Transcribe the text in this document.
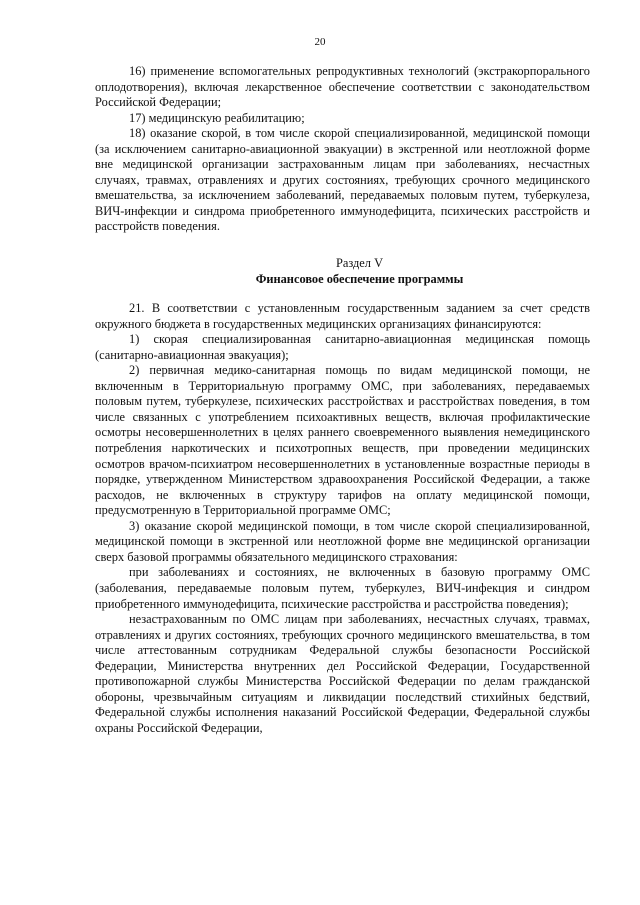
20

16) применение вспомогательных репродуктивных технологий (экстракорпорального оплодотворения), включая лекарственное обеспечение соответствии с законодательством Российской Федерации;

17) медицинскую реабилитацию;

18) оказание скорой, в том числе скорой специализированной, медицинской помощи (за исключением санитарно-авиационной эвакуации) в экстренной или неотложной форме вне медицинской организации застрахованным лицам при заболеваниях, несчастных случаях, травмах, отравлениях и других состояниях, требующих срочного медицинского вмешательства, за исключением заболеваний, передаваемых половым путем, туберкулеза, ВИЧ-инфекции и синдрома приобретенного иммунодефицита, психических расстройств и расстройств поведения.

Раздел V

Финансовое обеспечение программы

21. В соответствии с установленным государственным заданием за счет средств окружного бюджета в государственных медицинских организациях финансируются:

1) скорая специализированная санитарно-авиационная медицинская помощь (санитарно-авиационная эвакуация);

2) первичная медико-санитарная помощь по видам медицинской помощи, не включенным в Территориальную программу ОМС, при заболеваниях, передаваемых половым путем, туберкулезе, психических расстройствах и расстройствах поведения, в том числе связанных с употреблением психоактивных веществ, включая профилактические осмотры несовершеннолетних в целях раннего своевременного выявления немедицинского потребления наркотических и психотропных веществ, при проведении медицинских осмотров врачом-психиатром несовершеннолетних в установленные возрастные периоды в порядке, утвержденном Министерством здравоохранения Российской Федерации, а также расходов, не включенных в структуру тарифов на оплату медицинской помощи, предусмотренную в Территориальной программе ОМС;

3) оказание скорой медицинской помощи, в том числе скорой специализированной, медицинской помощи в экстренной или неотложной форме вне медицинской организации сверх базовой программы обязательного медицинского страхования:

при заболеваниях и состояниях, не включенных в базовую программу ОМС (заболевания, передаваемые половым путем, туберкулез, ВИЧ-инфекция и синдром приобретенного иммунодефицита, психические расстройства и расстройства поведения);

незастрахованным по ОМС лицам при заболеваниях, несчастных случаях, травмах, отравлениях и других состояниях, требующих срочного медицинского вмешательства, в том числе аттестованным сотрудникам Федеральной службы безопасности Российской Федерации, Министерства внутренних дел Российской Федерации, Государственной противопожарной службы Министерства Российской Федерации по делам гражданской обороны, чрезвычайным ситуациям и ликвидации последствий стихийных бедствий, Федеральной службы исполнения наказаний Российской Федерации, Федеральной службы охраны Российской Федерации,
